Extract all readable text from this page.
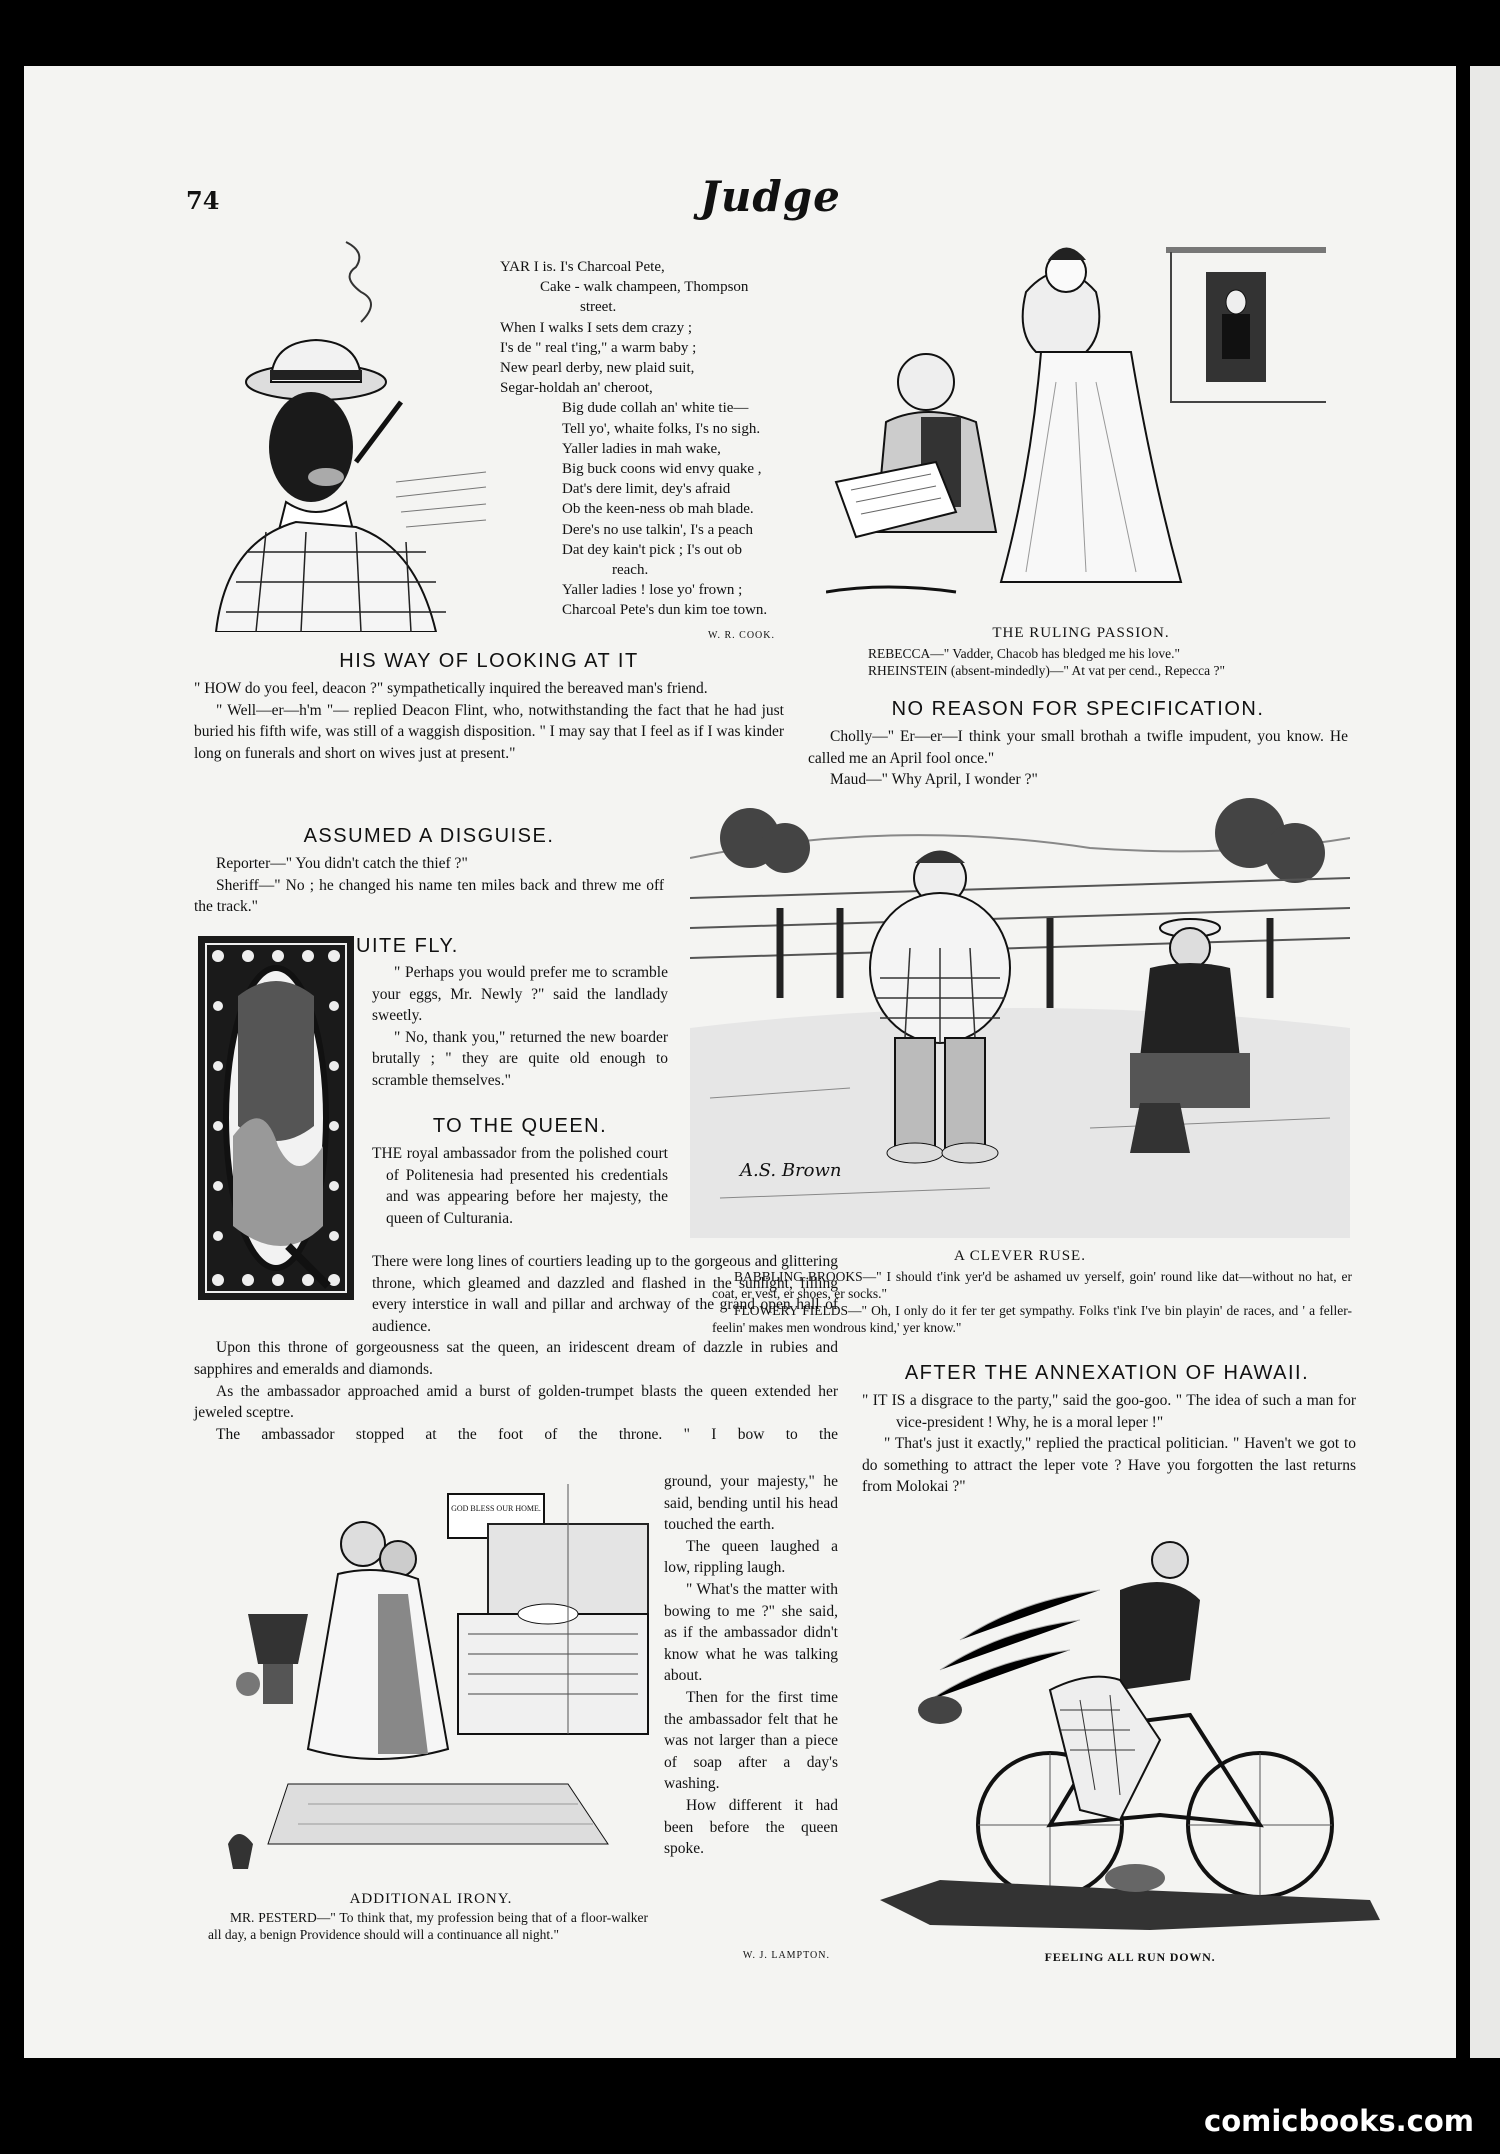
74	Judge
YAR I is. I's Charcoal Pete,
Cake - walk champeen, Thompson
street.
When I walks I sets dem crazy ;
I's de " real t'ing," a warm baby ;
New pearl derby, new plaid suit,
Segar-holdah an' cheroot,
Big dude collah an' white tie—
Tell yo', whaite folks, I's no sigh.
Yaller ladies in mah wake,
Big buck coons wid envy quake ,
Dat's dere limit, dey's afraid
Ob the keen-ness ob mah blade.
Dere's no use talkin', I's a peach
Dat dey kain't pick ; I's out ob
reach.
Yaller ladies ! lose yo' frown ;
Charcoal Pete's dun kim toe town.
W. R. COOK.	THE RULING PASSION.
REBECCA—" Vadder, Chacob has bledged me his love."
RHEINSTEIN (absent-mindedly)—" At vat per cend., Repecca ?"
HIS WAY OF LOOKING AT IT

" HOW do you feel, deacon ?" sympathetically inquired the bereaved man's friend.

" Well—er—h'm "— replied Deacon Flint, who, notwithstanding the fact that he had just buried his fifth wife, was still of a waggish disposition. " I may say that I feel as if I was kinder long on funerals and short on wives just at present."

NO REASON FOR SPECIFICATION.

Cholly—" Er—er—I think your small brothah a twifle impudent, you know. He called me an April fool once."

Maud—" Why April, I wonder ?"

ASSUMED A DISGUISE.

Reporter—" You didn't catch the thief ?"

Sheriff—" No ; he changed his name ten miles back and threw me off the track."

UITE FLY.

" Perhaps you would prefer me to scramble your eggs, Mr. Newly ?" said the landlady sweetly.

" No, thank you," returned the new boarder brutally ; " they are quite old enough to scramble themselves."

TO THE QUEEN.

THE royal ambassador from the polished court of Politenesia had presented his credentials and was appearing before her majesty, the queen of Culturania.

There were long lines of courtiers leading up to the gorgeous and glittering throne, which gleamed and dazzled and flashed in the sunlight, filling every interstice in wall and pillar and archway of the grand open hall of audience.

Upon this throne of gorgeousness sat the queen, an iridescent dream of dazzle in rubies and sapphires and emeralds and diamonds.

As the ambassador approached amid a burst of golden-trumpet blasts the queen extended her jeweled sceptre.

The ambassador stopped at the foot of the throne. " I bow to the

ground, your majesty," he said, bending until his head touched the earth.

The queen laughed a low, rippling laugh.

" What's the matter with bowing to me ?" she said, as if the ambassador didn't know what he was talking about.

Then for the first time the ambassador felt that he was not larger than a piece of soap after a day's washing.

How different it had been before the queen spoke.

W. J. LAMPTON.
A.S. Brown
A CLEVER RUSE.

BABBLING BROOKS—" I should t'ink yer'd be ashamed uv yerself, goin' round like dat—without no hat, er coat, er vest, er shoes, er socks."

FLOWERY FIELDS—" Oh, I only do it fer ter get sympathy. Folks t'ink I've bin playin' de races, and ' a feller-feelin' makes men wondrous kind,' yer know."

AFTER THE ANNEXATION OF HAWAII.

" IT IS a disgrace to the party," said the goo-goo. " The idea of such a man for vice-president ! Why, he is a moral leper !"

" That's just it exactly," replied the practical politician. " Haven't we got to do something to attract the leper vote ? Have you forgotten the last returns from Molokai ?"

GOD BLESS OUR HOME.
ADDITIONAL IRONY.
MR. PESTERD—" To think that, my profession being that of a floor-walker all day, a benign Providence should will a continuance all night."
FEELING ALL RUN DOWN.
comicbooks.com
